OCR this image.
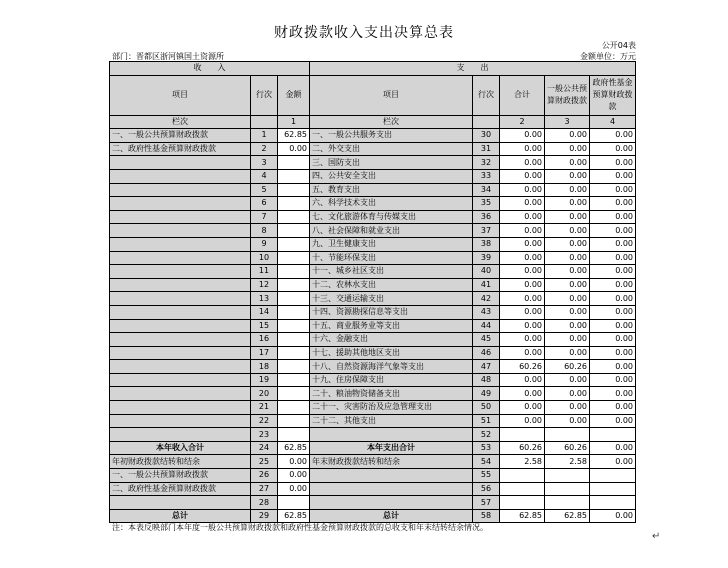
财政拨款收入支出决算总表
公开04表
部门：晋都区浙河镇国土资源所	金额单位：万元
收　　入			支　　出				
项目	行次	金额	项目	行次	合计	一般公共预算财政拨款	政府性基金预算财政拨款
栏次		1	栏次		2	3	4
一、一般公共预算财政拨款	1	62.85	一、一般公共服务支出	30	0.00	0.00	0.00
二、政府性基金预算财政拨款	2	0.00	二、外交支出	31	0.00	0.00	0.00
	3		三、国防支出	32	0.00	0.00	0.00
	4		四、公共安全支出	33	0.00	0.00	0.00
	5		五、教育支出	34	0.00	0.00	0.00
	6		六、科学技术支出	35	0.00	0.00	0.00
	7		七、文化旅游体育与传媒支出	36	0.00	0.00	0.00
	8		八、社会保障和就业支出	37	0.00	0.00	0.00
	9		九、卫生健康支出	38	0.00	0.00	0.00
	10		十、节能环保支出	39	0.00	0.00	0.00
	11		十一、城乡社区支出	40	0.00	0.00	0.00
	12		十二、农林水支出	41	0.00	0.00	0.00
	13		十三、交通运输支出	42	0.00	0.00	0.00
	14		十四、资源勘探信息等支出	43	0.00	0.00	0.00
	15		十五、商业服务业等支出	44	0.00	0.00	0.00
	16		十六、金融支出	45	0.00	0.00	0.00
	17		十七、援助其他地区支出	46	0.00	0.00	0.00
	18		十八、自然资源海洋气象等支出	47	60.26	60.26	0.00
	19		十九、住房保障支出	48	0.00	0.00	0.00
	20		二十、粮油物资储备支出	49	0.00	0.00	0.00
	21		二十一、灾害防治及应急管理支出	50	0.00	0.00	0.00
	22		二十二、其他支出	51	0.00	0.00	0.00
	23			52			
本年收入合计	24	62.85	本年支出合计	53	60.26	60.26	0.00
年初财政拨款结转和结余	25	0.00	年末财政拨款结转和结余	54	2.58	2.58	0.00
一、一般公共预算财政拨款	26	0.00		55			
二、政府性基金预算财政拨款	27	0.00		56			
	28			57			
总计	29	62.85	总计	58	62.85	62.85	0.00
注：本表反映部门本年度一般公共预算财政拨款和政府性基金预算财政拨款的总收支和年末结转结余情况。
↵
